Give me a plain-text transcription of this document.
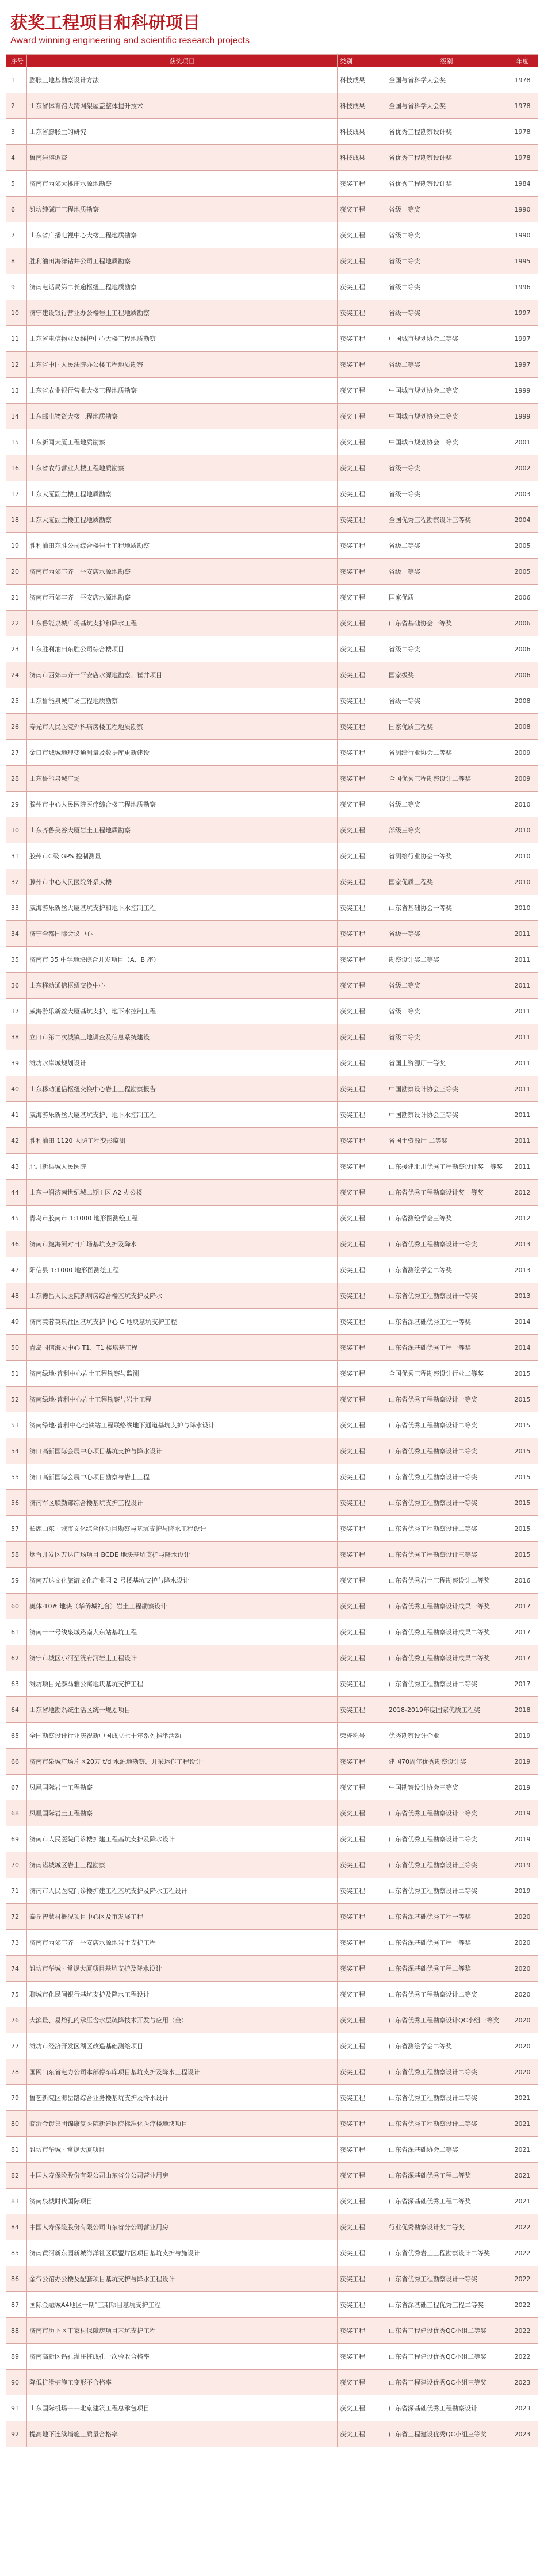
获奖工程项目和科研项目
Award winning engineering and scientific research projects
序号	获奖项目	类别	级别	年度
1	膨胀土地基勘察设计方法	科技成果	全国与省科学大会奖	1978
2	山东省体育馆大跨网架屋盖整体提升技术	科技成果	全国与省科学大会奖	1978
3	山东省膨胀土的研究	科技成果	省优秀工程勘察设计奖	1978
4	鲁南岩溶调查	科技成果	省优秀工程勘察设计奖	1978
5	济南市西郊大桃庄水源地勘察	获奖工程	省优秀工程勘察设计奖	1984
6	潍坊纯碱厂工程地质勘察	获奖工程	省级一等奖	1990
7	山东省广播电视中心大楼工程地质勘察	获奖工程	省级二等奖	1990
8	胜利油田海洋钻井公司工程地质勘察	获奖工程	省级二等奖	1995
9	济南电话局第二长途枢纽工程地质勘察	获奖工程	省级二等奖	1996
10	济宁建设银行营业办公楼岩土工程地质勘察	获奖工程	省级一等奖	1997
11	山东省电信物业及维护中心大楼工程地质勘察	获奖工程	中国城市规划协会二等奖	1997
12	山东省中国人民法院办公楼工程地质勘察	获奖工程	省级二等奖	1997
13	山东省农业银行营业大楼工程地质勘察	获奖工程	中国城市规划协会二等奖	1999
14	山东邮电物资大楼工程地质勘察	获奖工程	中国城市规划协会二等奖	1999
15	山东新闻大厦工程地质勘察	获奖工程	中国城市规划协会一等奖	2001
16	山东省农行营业大楼工程地质勘察	获奖工程	省级一等奖	2002
17	山东大厦副主楼工程地质勘察	获奖工程	省级一等奖	2003
18	山东大厦副主楼工程地质勘察	获奖工程	全国优秀工程勘察设计三等奖	2004
19	胜利油田东胜公司综合楼岩土工程地质勘察	获奖工程	省级二等奖	2005
20	济南市西郊丰齐一平安店水源地勘察	获奖工程	省级一等奖	2005
21	济南市西郊丰齐一平安店水源地勘察	获奖工程	国家优质	2006
22	山东鲁能泉城广场基坑支护和降水工程	获奖工程	山东省基础协会一等奖	2006
23	山东胜利油田东胜公司综合楼项目	获奖工程	省级二等奖	2006
24	济南市西郊丰齐一平安店水源地勘察、崔井项目	获奖工程	国家级奖	2006
25	山东鲁能泉城广场工程地质勘察	获奖工程	省级一等奖	2008
26	寿光市人民医院外科病房楼工程地质勘察	获奖工程	国家优质工程奖	2008
27	金口市城城地理变通测量及数据库更新建设	获奖工程	省测绘行业协会二等奖	2009
28	山东鲁能泉城广场	获奖工程	全国优秀工程勘察设计二等奖	2009
29	滕州市中心人民医院医疗综合楼工程地质勘察	获奖工程	省级二等奖	2010
30	山东齐鲁美谷大厦岩土工程地质勘察	获奖工程	部级三等奖	2010
31	胶州市C级 GPS 控制测量	获奖工程	省测绘行业协会一等奖	2010
32	滕州市中心人民医院外系大楼	获奖工程	国家优质工程奖	2010
33	威海游乐新丝大厦基坑支护和地下水控制工程	获奖工程	山东省基础协会一等奖	2010
34	济宁全都国际会议中心	获奖工程	省级一等奖	2011
35	济南市 35 中学地块综合开发项目（A、B 座）	获奖工程	勘察设计奖二等奖	2011
36	山东移动通信枢纽交换中心	获奖工程	省级二等奖	2011
37	威海游乐新丝大厦基坑支护、地下水控制工程	获奖工程	省级一等奖	2011
38	立口市第二次城镇土地调查及信息系统建设	获奖工程	省级二等奖	2011
39	潍坊水岸城规划设计	获奖工程	省国土资源厅一等奖	2011
40	山东移动通信枢纽交换中心岩土工程勘察报告	获奖工程	中国勘察设计协会三等奖	2011
41	威海游乐新丝大厦基坑支护、地下水控制工程	获奖工程	中国勘察设计协会三等奖	2011
42	胜利油田 1120 人防工程变形监测	获奖工程	省国土资源厅 二等奖	2011
43	北川新县城人民医院	获奖工程	山东援建北川优秀工程勘察设计奖一等奖	2011
44	山东中润济南世纪城二期 I 区 A2 办公楼	获奖工程	山东省优秀工程勘察设计奖一等奖	2012
45	青岛市胶南市 1:1000 地形图测绘工程	获奖工程	山东省测绘学会三等奖	2012
46	济南市鲍海河对日广场基坑支护及降水	获奖工程	山东省优秀工程勘察设计一等奖	2013
47	阳信县 1:1000 地形图测绘工程	获奖工程	山东省测绘学会二等奖	2013
48	山东德昌人民医院新病房综合楼基坑支护及降水	获奖工程	山东省优秀工程勘察设计一等奖	2013
49	济南芙蓉英泉社区基坑支护中心 C 地块基坑支护工程	获奖工程	山东省深基础优秀工程一等奖	2014
50	青岛国信海天中心 T1、T1 楼塔基工程	获奖工程	山东省深基础优秀工程一等奖	2014
51	济南绿地·普利中心岩土工程勘察与监测	获奖工程	全国优秀工程勘察设计行业二等奖	2015
52	济南绿地·普利中心岩土工程勘察与岩土工程	获奖工程	山东省优秀工程勘察设计一等奖	2015
53	济南绿地·普利中心地铁站工程联络线地下通道基坑支护与降水设计	获奖工程	山东省优秀工程勘察设计二等奖	2015
54	济口高新国际会展中心项目基坑支护与降水设计	获奖工程	山东省优秀工程勘察设计二等奖	2015
55	济口高新国际会展中心项目勘察与岩土工程	获奖工程	山东省优秀工程勘察设计一等奖	2015
56	济南军区联勤部综合楼基坑支护工程设计	获奖工程	山东省优秀工程勘察设计一等奖	2015
57	长鹿山东 · 城市文化综合体项目勘察与基坑支护与降水工程设计	获奖工程	山东省优秀工程勘察设计二等奖	2015
58	烟台开发区万达广场项目 BCDE 地块基坑支护与降水设计	获奖工程	山东省优秀工程勘察设计三等奖	2015
59	济南万达文化旅游文化产业园 2 号楼基坑支护与降水设计	获奖工程	山东省优秀岩土工程勘察设计二等奖	2016
60	奥体·10# 地块（华侨城礼台）岩土工程勘察设计	获奖工程	山东省优秀工程勘察设计成果一等奖	2017
61	济南十一号线泉城路南大东站基坑工程	获奖工程	山东省优秀工程勘察设计成果二等奖	2017
62	济宁市城区小河至洸府河岩土工程设计	获奖工程	山东省优秀工程勘察设计成果二等奖	2017
63	潍坊项目光泰马雅公寓地块基坑支护工程	获奖工程	山东省优秀工程勘察设计二等奖	2017
64	山东省地勘系统生活区统一规划项目	获奖工程	2018-2019年度国家优质工程奖	2018
65	全国勘察设计行业庆祝新中国成立七十年系列推举活动	荣誉称号	优秀勘察设计企业	2019
66	济南市泉城广场片区20万 t/d 水源地勘察、开采运作工程设计	获奖工程	建国70周年优秀勘察设计奖	2019
67	凤凰国际岩土工程勘察	获奖工程	中国勘察设计协会三等奖	2019
68	凤凰国际岩土工程勘察	获奖工程	山东省优秀工程勘察设计一等奖	2019
69	济南市人民医院门诊楼扩建工程基坑支护及降水设计	获奖工程	山东省优秀工程勘察设计二等奖	2019
70	济南诸城城区岩土工程勘察	获奖工程	山东省优秀工程勘察设计三等奖	2019
71	济南市人民医院门诊楼扩建工程基坑支护及降水工程设计	获奖工程	山东省优秀工程勘察设计二等奖	2019
72	泰丘智慧村概况项目中心区及市发展工程	获奖工程	山东省深基础优秀工程一等奖	2020
73	济南市西郊丰齐一平安店水源地岩土支护工程	获奖工程	山东省深基础优秀工程一等奖	2020
74	潍坊市华城 · 常规大厦项目基坑支护及降水设计	获奖工程	山东省深基础优秀工程二等奖	2020
75	聊城市化民间银行基坑支护及降水工程设计	获奖工程	山东省优秀工程勘察设计二等奖	2020
76	大滨量、易熔孔的承压含水层疏降技术开发与应用（金）	获奖工程	山东省优秀工程勘察设计QC小组一等奖	2020
77	潍坊市经济开发区湖区改造基础测绘项目	获奖工程	山东省测绘学会二等奖	2020
78	国网山东省电力公司本部停车库项目基坑支护及降水工程设计	获奖工程	山东省优秀工程勘察设计二等奖	2020
79	鲁艺新院区海岳路综合业务楼基坑支护及降水设计	获奖工程	山东省优秀工程勘察设计二等奖	2021
80	临沂金锣集团锦康复医院新建医院标准化医疗楼地块项目	获奖工程	山东省优秀工程勘察设计二等奖	2021
81	潍坊市华城 · 常规大厦项目	获奖工程	山东省深基础协会二等奖	2021
82	中国人寿保险股份有限公司山东省分公司营业用房	获奖工程	山东省深基础优秀工程二等奖	2021
83	济南泉城时代国际项目	获奖工程	山东省深基础优秀工程二等奖	2021
84	中国人寿保险股份有限公司山东省分公司营业用房	获奖工程	行业优秀勘察设计奖二等奖	2022
85	济南黄河新东园新城海洋社区联盟片区项目基坑支护与施设计	获奖工程	山东省优秀岩土工程勘察设计二等奖	2022
86	金帝公馆办公楼及配套项目基坑支护与降水工程设计	获奖工程	山东省优秀工程勘察设计一等奖	2022
87	国际金融城A4地区一期"三期项目基坑支护工程	获奖工程	山东省深基础工程优秀工程二等奖	2022
88	济南市历下区丁家村保障房项目基坑支护工程	获奖工程	山东省工程建设优秀QC小组二等奖	2022
89	济南高新区钻孔灌注桩成孔一次验收合格率	获奖工程	山东省工程建设优秀QC小组二等奖	2022
90	降低抗滑桩施工变形不合格率	获奖工程	山东省工程建设优秀QC小组三等奖	2023
91	山东国际机场——北京建筑工程总承包项目	获奖工程	山东省深基础优秀工程勘察设计	2023
92	提高地下连续墙施工质量合格率	获奖工程	山东省工程建设优秀QC小组三等奖	2023
